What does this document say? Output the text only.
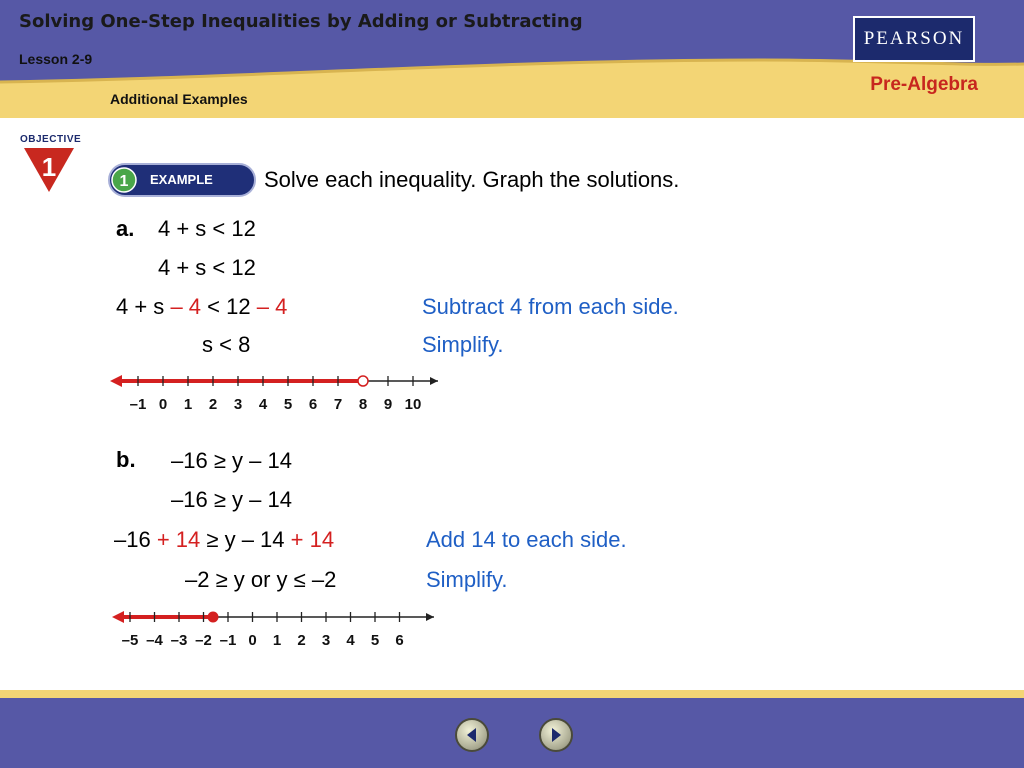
Solving One-Step Inequalities by Adding or Subtracting
Lesson 2-9
Additional Examples
PEARSON
Pre-Algebra
OBJECTIVE
1	1 EXAMPLE Solve each inequality. Graph the solutions.
a. 4 + s < 12
4 + s < 12
4 + s – 4 < 12 – 4
s < 8
Subtract 4 from each side.
Simplify.
–1 0 1 2 3 4 5 6 7 8 9 10
b. –16 ≥ y – 14
–16 ≥ y – 14
–16 + 14 ≥ y – 14 + 14
–2 ≥ y or y ≤ –2
Add 14 to each side.
Simplify.
–5 –4 –3 –2 –1 0 1 2 3 4 5 6
